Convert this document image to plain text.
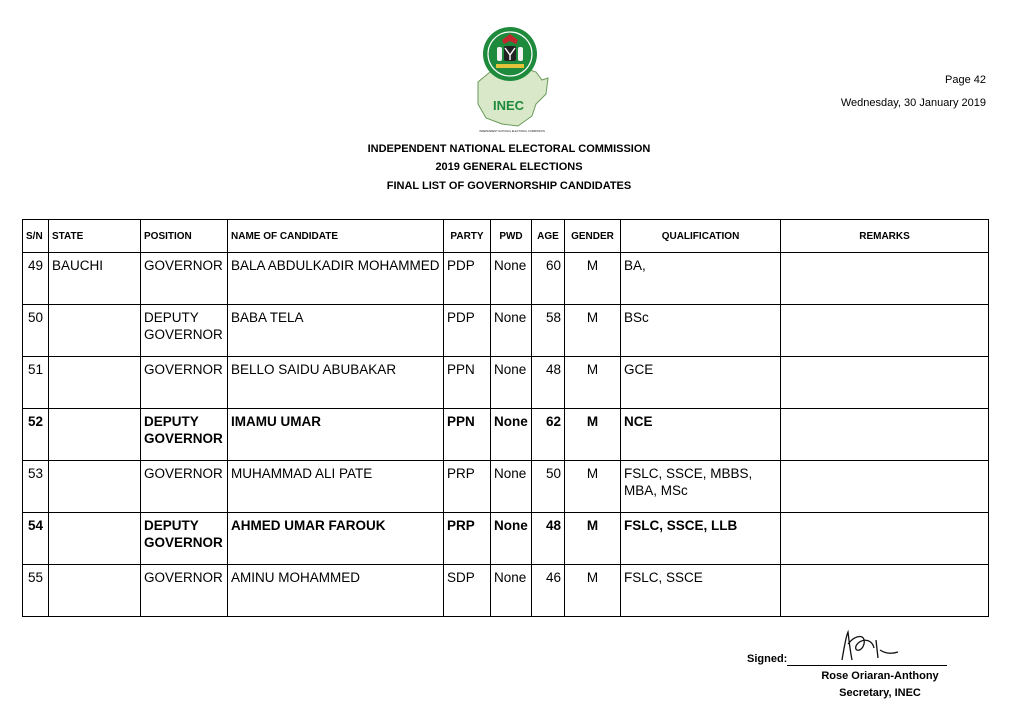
INEC
INDEPENDENT NATIONAL ELECTORAL COMMISSION
Page 42
Wednesday, 30 January 2019
INDEPENDENT NATIONAL ELECTORAL COMMISSION
2019 GENERAL ELECTIONS
FINAL LIST OF GOVERNORSHIP CANDIDATES
S/N	STATE	POSITION	NAME OF CANDIDATE	PARTY	PWD	AGE	GENDER	QUALIFICATION	REMARKS
49	BAUCHI	GOVERNOR	BALA ABDULKADIR MOHAMMED	PDP	None	60	M	BA,	
50		DEPUTY GOVERNOR	BABA TELA	PDP	None	58	M	BSc	
51		GOVERNOR	BELLO SAIDU ABUBAKAR	PPN	None	48	M	GCE	
52		DEPUTY GOVERNOR	IMAMU UMAR	PPN	None	62	M	NCE	
53		GOVERNOR	MUHAMMAD ALI PATE	PRP	None	50	M	FSLC, SSCE, MBBS, MBA, MSc	
54		DEPUTY GOVERNOR	AHMED UMAR FAROUK	PRP	None	48	M	FSLC, SSCE, LLB	
55		GOVERNOR	AMINU MOHAMMED	SDP	None	46	M	FSLC, SSCE	
Signed:
Rose Oriaran-Anthony
Secretary, INEC
